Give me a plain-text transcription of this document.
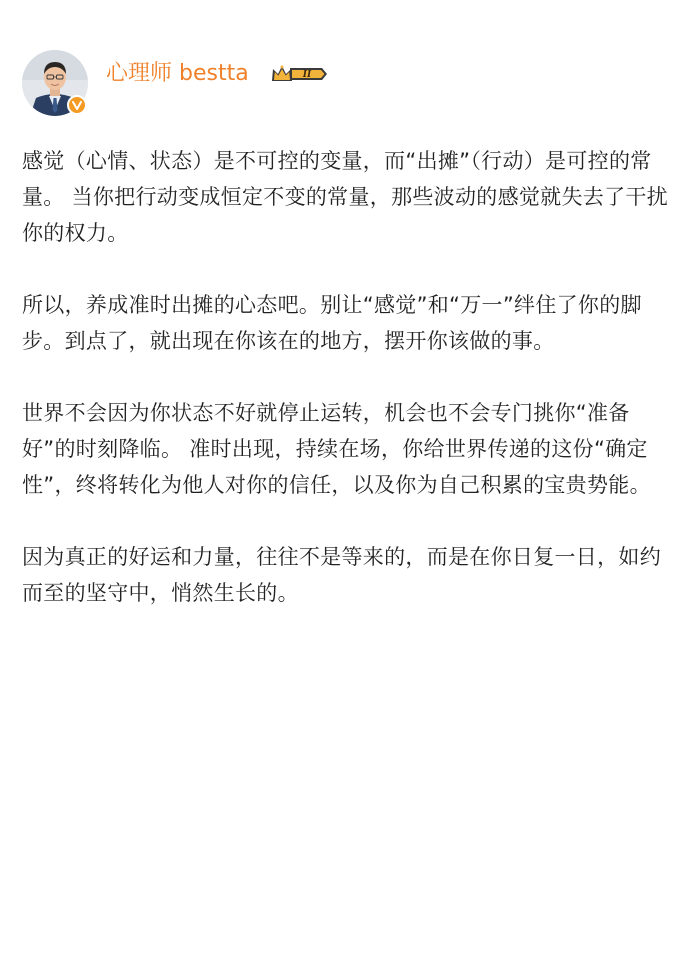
心理师 bestta	II

感觉（心情、状态）是不可控的变量，而“出摊”（行动）是可控的常量。 当你把行动变成恒定不变的常量，那些波动的感觉就失去了干扰你的权力。

所以，养成准时出摊的心态吧。别让“感觉”和“万一”绊住了你的脚步。到点了，就出现在你该在的地方，摆开你该做的事。

世界不会因为你状态不好就停止运转，机会也不会专门挑你“准备好”的时刻降临。 准时出现，持续在场，你给世界传递的这份“确定性”，终将转化为他人对你的信任，以及你为自己积累的宝贵势能。

因为真正的好运和力量，往往不是等来的，而是在你日复一日，如约而至的坚守中，悄然生长的。
